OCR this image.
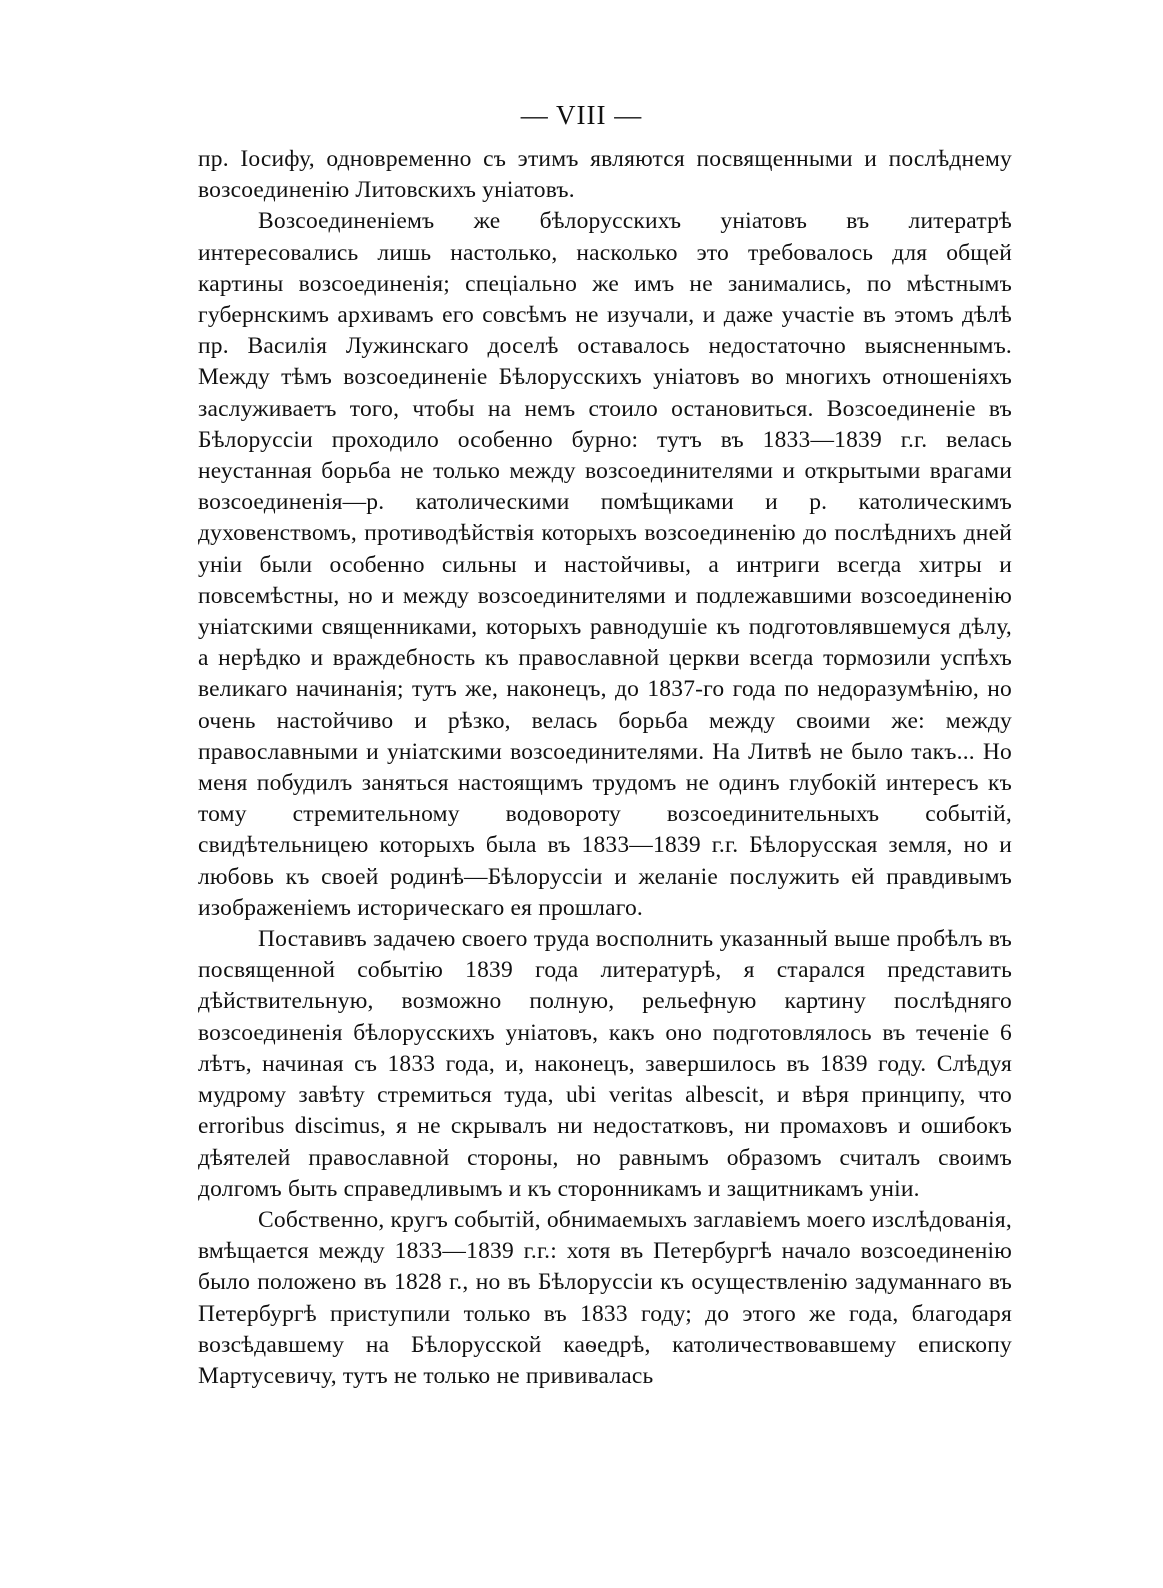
— VIII —

пр. Іосифу, одновременно съ этимъ являются посвященными и послѣднему возсоединенію Литовскихъ уніатовъ.

Возсоединеніемъ же бѣлорусскихъ уніатовъ въ литератрѣ интересовались лишь настолько, насколько это требовалось для общей картины возсоединенія; спеціально же имъ не занимались, по мѣстнымъ губернскимъ архивамъ его совсѣмъ не изучали, и даже участіе въ этомъ дѣлѣ пр. Василія Лужинскаго доселѣ оставалось недостаточно выясненнымъ. Между тѣмъ возсоединеніе Бѣлорусскихъ уніатовъ во многихъ отношеніяхъ заслуживаетъ того, чтобы на немъ стоило остановиться. Возсоединеніе въ Бѣлоруссіи проходило особенно бурно: тутъ въ 1833—1839 г.г. велась неустанная борьба не только между возсоединителями и открытыми врагами возсоединенія—р. католическими помѣщиками и р. католическимъ духовенствомъ, противодѣйствія которыхъ возсоединенію до послѣднихъ дней уніи были особенно сильны и настойчивы, а интриги всегда хитры и повсемѣстны, но и между возсоединителями и подлежавшими возсоединенію уніатскими священниками, которыхъ равнодушіе къ подготовлявшемуся дѣлу, а нерѣдко и враждебность къ православной церкви всегда тормозили успѣхъ великаго начинанія; тутъ же, наконецъ, до 1837-го года по недоразумѣнію, но очень настойчиво и рѣзко, велась борьба между своими же: между православными и уніатскими возсоединителями. На Литвѣ не было такъ... Но меня побудилъ заняться настоящимъ трудомъ не одинъ глубокій интересъ къ тому стремительному водовороту возсоединительныхъ событій, свидѣтельницею которыхъ была въ 1833—1839 г.г. Бѣлорусская земля, но и любовь къ своей родинѣ—Бѣлоруссіи и желаніе послужить ей правдивымъ изображеніемъ историческаго ея прошлаго.

Поставивъ задачею своего труда восполнить указанный выше пробѣлъ въ посвященной событію 1839 года литературѣ, я старался представить дѣйствительную, возможно полную, рельефную картину послѣдняго возсоединенія бѣлорусскихъ уніатовъ, какъ оно подготовлялось въ теченіе 6 лѣтъ, начиная съ 1833 года, и, наконецъ, завершилось въ 1839 году. Слѣдуя мудрому завѣту стремиться туда, ubi veritas albescit, и вѣря принципу, что erroribus discimus, я не скрывалъ ни недостатковъ, ни промаховъ и ошибокъ дѣятелей православной стороны, но равнымъ образомъ считалъ своимъ долгомъ быть справедливымъ и къ сторонникамъ и защитникамъ уніи.

Собственно, кругъ событій, обнимаемыхъ заглавіемъ моего изслѣдованія, вмѣщается между 1833—1839 г.г.: хотя въ Петербургѣ начало возсоединенію было положено въ 1828 г., но въ Бѣлоруссіи къ осуществленію задуманнаго въ Петербургѣ приступили только въ 1833 году; до этого же года, благодаря возсѣдавшему на Бѣлорусской каѳедрѣ, католичествовавшему епископу Мартусевичу, тутъ не только не прививалась
